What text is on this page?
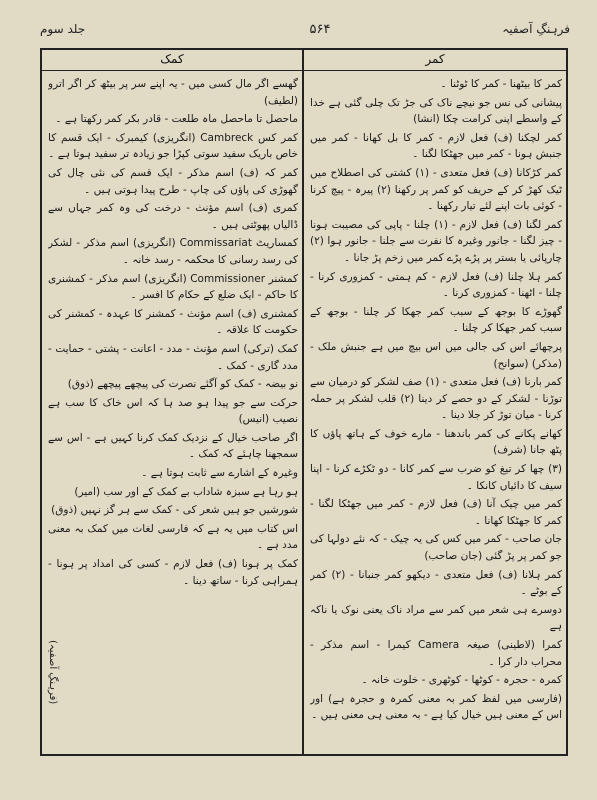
فرہنگِ آصفیہ
۵۶۴
جلد سوم
کمر
کمک

کمر کا بیٹھنا - کمر کا ٹوٹنا ۔

پیشانی کی نس جو نیچے ناک کی جڑ تک چلی گئی ہے خدا کے واسطے اپنی کرامت چکا (انشا)

کمر لچکنا (ف) فعل لازم - کمر کا بل کھانا - کمر میں جنبش ہونا - کمر میں جھٹکا لگنا ۔

کمر کڑکانا (ف) فعل متعدی - (۱) کشتی کی اصطلاح میں ٹیک کھڑ کر کے حریف کو کمر پر رکھنا (۲) پیرہ - پیچ کرنا - کوئی بات اپنے لئے تیار رکھنا ۔

کمر لگنا (ف) فعل لازم - (۱) چلنا - پاپی کی مصیبت ہونا - چیز لگنا - جانور وغیرہ کا نفرت سے جلنا - جانور ہوا (۲) چارپائی یا بستر پر پڑے پڑے کمر میں زخم پڑ جانا ۔

کمر ہلا چلنا (ف) فعل لازم - کم ہمتی - کمزوری کرنا - چلنا - اٹھنا - کمزوری کرنا ۔

گھوڑے کا بوجھ کے سبب کمر جھکا کر چلنا - بوجھ کے سبب کمر جھکا کر چلنا ۔

پرچھائے اس کی جالی میں اس بیچ میں ہے جنبش ملک - (مذکر) (سوانح)

کمر بارنا (ف) فعل متعدی - (۱) صف لشکر کو درمیان سے توڑنا - لشکر کے دو حصے کر دینا (۲) قلب لشکر پر حملہ کرنا - میان توڑ کر جلا دینا ۔

کھانے پکانے کی کمر باندھنا - مارے خوف کے ہاتھ پاؤں کا پٹھ جانا (شرف)

(۳) چھا کر تیغ کو ضرب سے کمر کانا - دو ٹکڑے کرنا - اپنا سیف کا دائیاں کانکا ۔

کمر میں چیک آنا (ف) فعل لازم - کمر میں جھٹکا لگنا - کمر کا جھٹکا کھانا ۔

جان صاحب - کمر میں کس کی یہ چیک - کہ نئے دولہا کی جو کمر پر پڑ گئی (جان صاحب)

کمر ہلانا (ف) فعل متعدی - دیکھو کمر جنبانا - (۲) کمر کے بوٹے ۔

دوسرے ہی شعر میں کمر سے مراد ناک یعنی نوک یا ناکہ ہے

کمرا (لاطینی) صیغہ Camera کیمرا - اسم مذکر - محراب دار کرا ۔

کمرہ - حجرہ - کوٹھا - کوٹھری - خلوت خانہ ۔

(فارسی میں لفظ کمر بہ معنی کمرہ و حجرہ ہے) اور اس کے معنی ہیں خیال کیا ہے - بہ معنی ہی معنی ہیں ۔

گھسے اگر مال کسی میں - یہ اپنے سر پر بیٹھ کر اگر اترو (لطیف)

ماحصل تا ماحصل ماہ طلعت - قادر بکر کمر رکھتا ہے ۔

کمر کس Cambreck (انگریزی) کیمبرک - ایک قسم کا خاص باریک سفید سوتی کپڑا جو زیادہ تر سفید ہوتا ہے ۔

کمر کہ (ف) اسم مذکر - ایک قسم کی نئی چال کی گھوڑی کی پاؤں کی چاپ - طرح پیدا ہوتی ہیں ۔

کمری (ف) اسم مؤنث - درخت کی وہ کمر جہاں سے ڈالیاں پھوٹتی ہیں ۔

کمساریٹ Commissariat (انگریزی) اسم مذکر - لشکر کی رسد رسانی کا محکمہ - رسد خانہ ۔

کمشنر Commissioner (انگریزی) اسم مذکر - کمشنری کا حاکم - ایک ضلع کے حکام کا افسر ۔

کمشنری (ف) اسم مؤنث - کمشنر کا عہدہ - کمشنر کی حکومت کا علاقہ ۔

کمک (ترکی) اسم مؤنث - مدد - اعانت - پشتی - حمایت - مدد گاری - کمک ۔

نو بیضہ - کمک کو آگئے نصرت کی پیچھے پیچھے (ذوق)

حرکت سے جو پیدا ہو صد ہا کہ اس خاک کا سب ہے نصیب (انیس)

اگر صاحب خیال کے نزدیک کمک کرنا کہیں ہے - اس سے سمجھنا چاہئے کہ کمک ۔

وغیرہ کے اشارے سے ثابت ہوتا ہے ۔

ہو رہا ہے سبزہ شاداب بے کمک کے اور سب (امیر)

شورشیں جو ہیں شعر کی - کمک سے ہر گز نہیں (ذوق)

اس کتاب میں یہ ہے کہ فارسی لغات میں کمک بہ معنی مدد ہے ۔

کمک پر ہونا (ف) فعل لازم - کسی کی امداد پر ہونا - ہمراہی کرنا - ساتھ دینا ۔

(فرہنگِ آصفیہ)
